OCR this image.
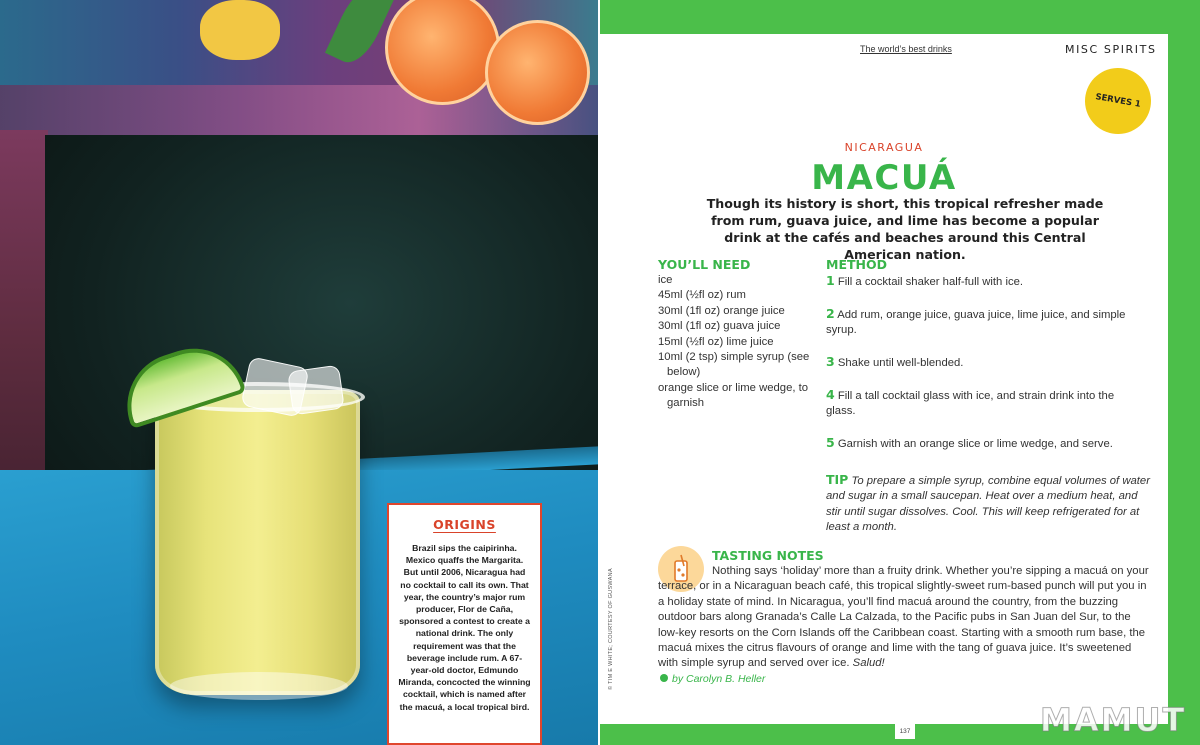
ORIGINS

Brazil sips the caipirinha. Mexico quaffs the Margarita. But until 2006, Nicaragua had no cocktail to call its own. That year, the country’s major rum producer, Flor de Caña, sponsored a contest to create a national drink. The only requirement was that the beverage include rum. A 67-year-old doctor, Edmundo Miranda, concocted the winning cocktail, which is named after the macuá, a local tropical bird.

The world’s best drinks	MISC SPIRITS
SERVES 1
NICARAGUA
MACUÁ
Though its history is short, this tropical refresher made from rum, guava juice, and lime has become a popular drink at the cafés and beaches around this Central American nation.
YOU’LL NEED
ice
45ml (½fl oz) rum
30ml (1fl oz) orange juice
30ml (1fl oz) guava juice
15ml (½fl oz) lime juice
10ml (2 tsp) simple syrup (see below)
orange slice or lime wedge, to garnish
METHOD
1 Fill a cocktail shaker half-full with ice.
2 Add rum, orange juice, guava juice, lime juice, and simple syrup.
3 Shake until well-blended.
4 Fill a tall cocktail glass with ice, and strain drink into the glass.
5 Garnish with an orange slice or lime wedge, and serve.
TIP To prepare a simple syrup, combine equal volumes of water and sugar in a small saucepan. Heat over a medium heat, and stir until sugar dissolves. Cool. This will keep refrigerated for at least a month.
TASTING NOTES

Nothing says ‘holiday’ more than a fruity drink. Whether you’re sipping a macuá on your terrace, or in a Nicaraguan beach café, this tropical slightly-sweet rum-based punch will put you in a holiday state of mind. In Nicaragua, you’ll find macuá around the country, from the buzzing outdoor bars along Granada’s Calle La Calzada, to the Pacific pubs in San Juan del Sur, to the low-key resorts on the Corn Islands off the Caribbean coast. Starting with a smooth rum base, the macuá mixes the citrus flavours of orange and lime with the tang of guava juice. It’s sweetened with simple syrup and served over ice. Salud!

by Carolyn B. Heller
© TIM E WHITE; COURTESY OF GUSWANA
137	MAMUT
